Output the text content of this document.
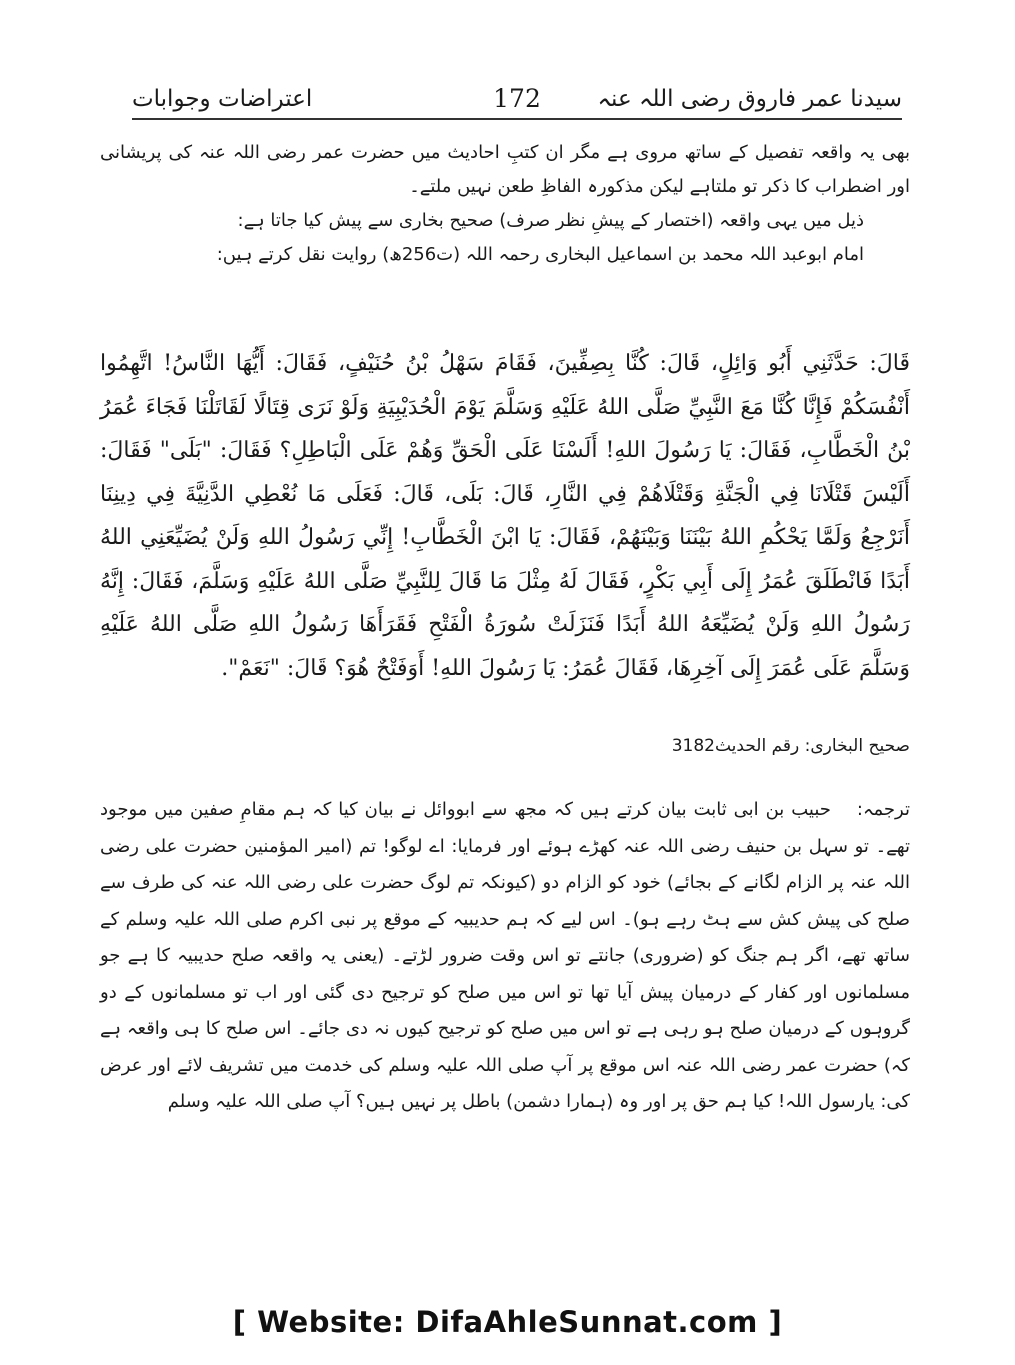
سیدنا عمر فاروق رضی اللہ عنہ
172
اعتراضات وجوابات

بھی یہ واقعہ تفصیل کے ساتھ مروی ہے مگر ان کتبِ احادیث میں حضرت عمر رضی اللہ عنہ کی پریشانی اور اضطراب کا ذکر تو ملتاہے لیکن مذکورہ الفاظِ طعن نہیں ملتے۔

ذیل میں یہی واقعہ (اختصار کے پیشِ نظر صرف) صحیح بخاری سے پیش کیا جاتا ہے:

امام ابوعبد اللہ محمد بن اسماعیل البخاری رحمہ اللہ (ت256ھ) روایت نقل کرتے ہیں:

قَالَ: حَدَّثَنِي أَبُو وَائِلٍ، قَالَ: كُنَّا بِصِفِّينَ، فَقَامَ سَهْلُ بْنُ حُنَيْفٍ، فَقَالَ: أَيُّهَا النَّاسُ! اتَّهِمُوا أَنْفُسَكُمْ فَإِنَّا كُنَّا مَعَ النَّبِيِّ صَلَّى اللهُ عَلَيْهِ وَسَلَّمَ يَوْمَ الْحُدَيْبِيَةِ وَلَوْ نَرَى قِتَالًا لَقَاتَلْنَا فَجَاءَ عُمَرُ بْنُ الْخَطَّابِ، فَقَالَ: يَا رَسُولَ اللهِ! أَلَسْنَا عَلَى الْحَقِّ وَهُمْ عَلَى الْبَاطِلِ؟ فَقَالَ: "بَلَى" فَقَالَ: أَلَيْسَ قَتْلَانَا فِي الْجَنَّةِ وَقَتْلَاهُمْ فِي النَّارِ، قَالَ: بَلَى، قَالَ: فَعَلَى مَا نُعْطِي الدَّنِيَّةَ فِي دِينِنَا أَنَرْجِعُ وَلَمَّا يَحْكُمِ اللهُ بَيْنَنَا وَبَيْنَهُمْ، فَقَالَ: يَا ابْنَ الْخَطَّابِ! إِنِّي رَسُولُ اللهِ وَلَنْ يُضَيِّعَنِي اللهُ أَبَدًا فَانْطَلَقَ عُمَرُ إِلَى أَبِي بَكْرٍ، فَقَالَ لَهُ مِثْلَ مَا قَالَ لِلنَّبِيِّ صَلَّى اللهُ عَلَيْهِ وَسَلَّمَ، فَقَالَ: إِنَّهُ رَسُولُ اللهِ وَلَنْ يُضَيِّعَهُ اللهُ أَبَدًا فَنَزَلَتْ سُورَةُ الْفَتْحِ فَقَرَأَهَا رَسُولُ اللهِ صَلَّى اللهُ عَلَيْهِ وَسَلَّمَ عَلَى عُمَرَ إِلَى آخِرِهَا، فَقَالَ عُمَرُ: يَا رَسُولَ اللهِ! أَوَفَتْحٌ هُوَ؟ قَالَ: "نَعَمْ".
صحیح البخاری: رقم الحدیث3182
ترجمہ:حبیب بن ابی ثابت بیان کرتے ہیں کہ مجھ سے ابووائل نے بیان کیا کہ ہم مقامِ صفین میں موجود تھے۔ تو سہل بن حنیف رضی اللہ عنہ کھڑے ہوئے اور فرمایا: اے لوگو! تم (امیر المؤمنین حضرت علی رضی اللہ عنہ پر الزام لگانے کے بجائے) خود کو الزام دو (کیونکہ تم لوگ حضرت علی رضی اللہ عنہ کی طرف سے صلح کی پیش کش سے ہٹ رہے ہو)۔ اس لیے کہ ہم حدیبیہ کے موقع پر نبی اکرم صلی اللہ علیہ وسلم کے ساتھ تھے، اگر ہم جنگ کو (ضروری) جانتے تو اس وقت ضرور لڑتے۔ (یعنی یہ واقعہ صلح حدیبیہ کا ہے جو مسلمانوں اور کفار کے درمیان پیش آیا تھا تو اس میں صلح کو ترجیح دی گئی اور اب تو مسلمانوں کے دو گروہوں کے درمیان صلح ہو رہی ہے تو اس میں صلح کو ترجیح کیوں نہ دی جائے۔ اس صلح کا ہی واقعہ ہے کہ) حضرت عمر رضی اللہ عنہ اس موقع پر آپ صلی اللہ علیہ وسلم کی خدمت میں تشریف لائے اور عرض کی: یارسول اللہ! کیا ہم حق پر اور وہ (ہمارا دشمن) باطل پر نہیں ہیں؟ آپ صلی اللہ علیہ وسلم
[ Website: DifaAhleSunnat.com ]
